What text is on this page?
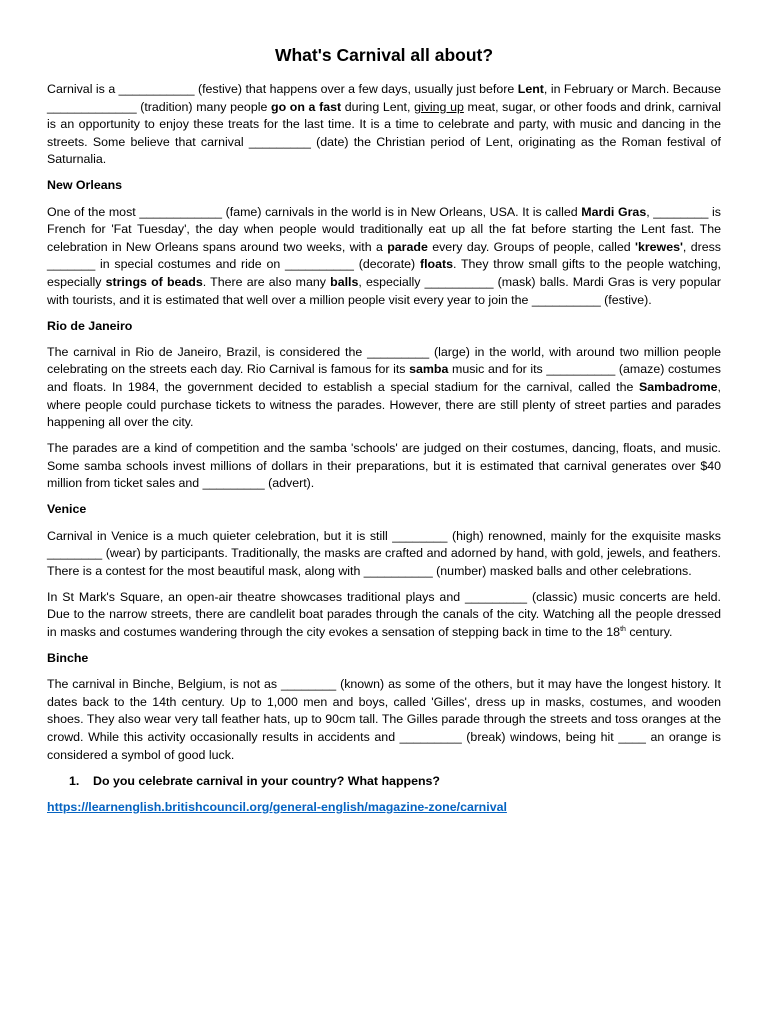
What's Carnival all about?

Carnival is a ___________ (festive) that happens over a few days, usually just before Lent, in February or March. Because _____________ (tradition) many people go on a fast during Lent, giving up meat, sugar, or other foods and drink, carnival is an opportunity to enjoy these treats for the last time. It is a time to celebrate and party, with music and dancing in the streets. Some believe that carnival _________ (date) the Christian period of Lent, originating as the Roman festival of Saturnalia.

New Orleans

One of the most ____________ (fame) carnivals in the world is in New Orleans, USA. It is called Mardi Gras, ________ is French for 'Fat Tuesday', the day when people would traditionally eat up all the fat before starting the Lent fast. The celebration in New Orleans spans around two weeks, with a parade every day. Groups of people, called 'krewes', dress _______ in special costumes and ride on __________ (decorate) floats. They throw small gifts to the people watching, especially strings of beads. There are also many balls, especially __________ (mask) balls. Mardi Gras is very popular with tourists, and it is estimated that well over a million people visit every year to join the __________ (festive).

Rio de Janeiro

The carnival in Rio de Janeiro, Brazil, is considered the _________ (large) in the world, with around two million people celebrating on the streets each day. Rio Carnival is famous for its samba music and for its __________ (amaze) costumes and floats. In 1984, the government decided to establish a special stadium for the carnival, called the Sambadrome, where people could purchase tickets to witness the parades. However, there are still plenty of street parties and parades happening all over the city.

The parades are a kind of competition and the samba 'schools' are judged on their costumes, dancing, floats, and music. Some samba schools invest millions of dollars in their preparations, but it is estimated that carnival generates over $40 million from ticket sales and _________ (advert).

Venice

Carnival in Venice is a much quieter celebration, but it is still ________ (high) renowned, mainly for the exquisite masks ________ (wear) by participants. Traditionally, the masks are crafted and adorned by hand, with gold, jewels, and feathers. There is a contest for the most beautiful mask, along with __________ (number) masked balls and other celebrations.

In St Mark's Square, an open-air theatre showcases traditional plays and _________ (classic) music concerts are held. Due to the narrow streets, there are candlelit boat parades through the canals of the city. Watching all the people dressed in masks and costumes wandering through the city evokes a sensation of stepping back in time to the 18th century.

Binche

The carnival in Binche, Belgium, is not as ________ (known) as some of the others, but it may have the longest history. It dates back to the 14th century. Up to 1,000 men and boys, called 'Gilles', dress up in masks, costumes, and wooden shoes. They also wear very tall feather hats, up to 90cm tall. The Gilles parade through the streets and toss oranges at the crowd. While this activity occasionally results in accidents and _________ (break) windows, being hit ____ an orange is considered a symbol of good luck.

1. Do you celebrate carnival in your country? What happens?
https://learnenglish.britishcouncil.org/general-english/magazine-zone/carnival
